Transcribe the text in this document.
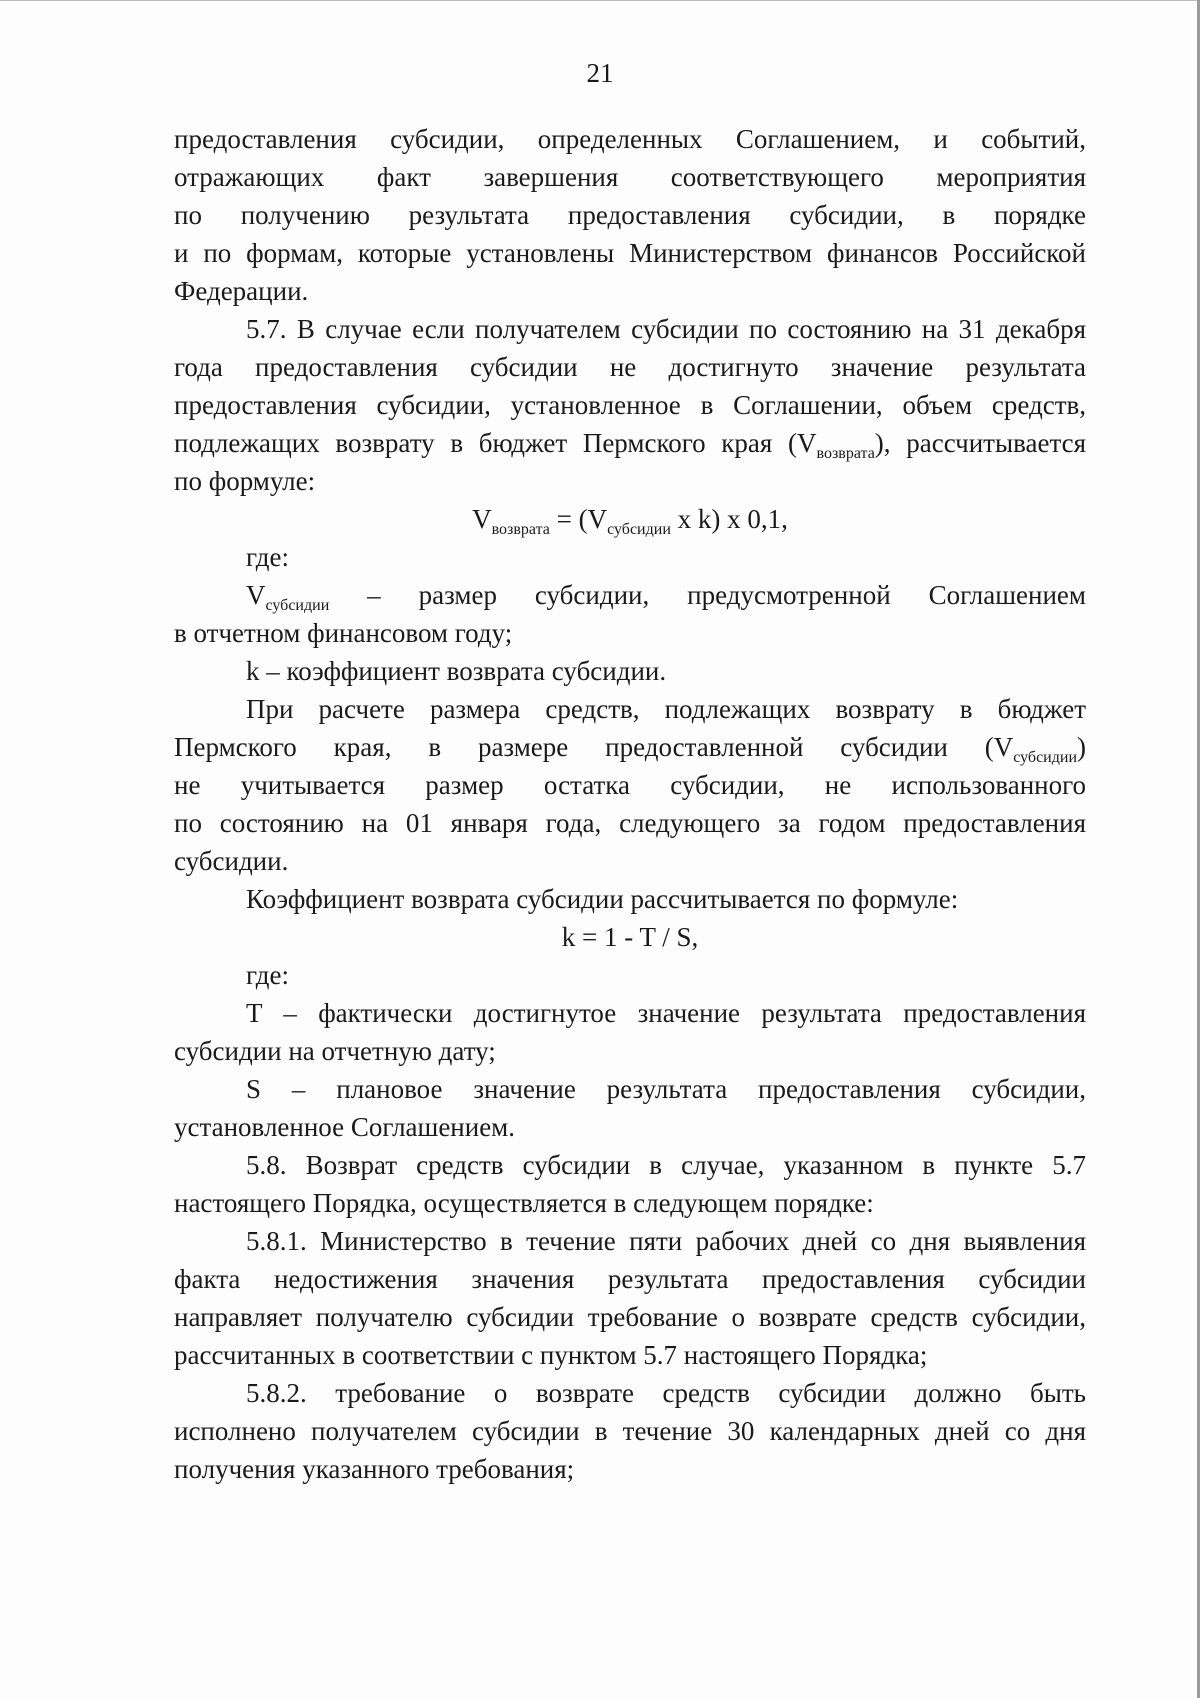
21

предоставления субсидии, определенных Соглашением, и событий,

отражающих факт завершения соответствующего мероприятия

по получению результата предоставления субсидии, в порядке

и по формам, которые установлены Министерством финансов Российской

Федерации.

5.7. В случае если получателем субсидии по состоянию на 31 декабря

года предоставления субсидии не достигнуто значение результата

предоставления субсидии, установленное в Соглашении, объем средств,

подлежащих возврату в бюджет Пермского края $(V_{возврата})$, рассчитывается

по формуле:

$V_{возврата} = (V_{субсидии}$ x k) x 0,1,

где:

$V_{субсидии}$ – размер субсидии, предусмотренной Соглашением

в отчетном финансовом году;

k – коэффициент возврата субсидии.

При расчете размера средств, подлежащих возврату в бюджет

Пермского края, в размере предоставленной субсидии $(V_{субсидии})$

не учитывается размер остатка субсидии, не использованного

по состоянию на 01 января года, следующего за годом предоставления

субсидии.

Коэффициент возврата субсидии рассчитывается по формуле:

k = 1 - T / S,

где:

T – фактически достигнутое значение результата предоставления

субсидии на отчетную дату;

S – плановое значение результата предоставления субсидии,

установленное Соглашением.

5.8. Возврат средств субсидии в случае, указанном в пункте 5.7

настоящего Порядка, осуществляется в следующем порядке:

5.8.1. Министерство в течение пяти рабочих дней со дня выявления

факта недостижения значения результата предоставления субсидии

направляет получателю субсидии требование о возврате средств субсидии,

рассчитанных в соответствии с пунктом 5.7 настоящего Порядка;

5.8.2. требование о возврате средств субсидии должно быть

исполнено получателем субсидии в течение 30 календарных дней со дня

получения указанного требования;
